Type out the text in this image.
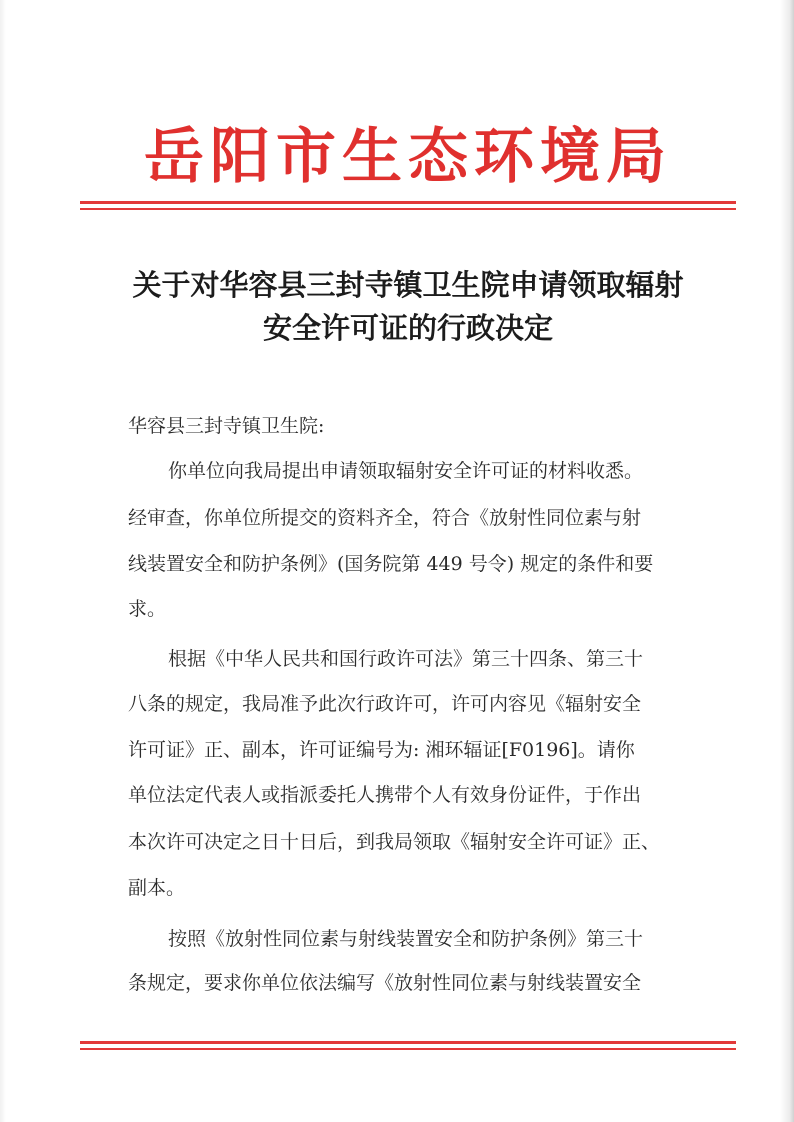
岳阳市生态环境局
关于对华容县三封寺镇卫生院申请领取辐射
安全许可证的行政决定
华容县三封寺镇卫生院:
你单位向我局提出申请领取辐射安全许可证的材料收悉。
经审查，你单位所提交的资料齐全，符合《放射性同位素与射
线装置安全和防护条例》(国务院第 449 号令) 规定的条件和要
求。
根据《中华人民共和国行政许可法》第三十四条、第三十
八条的规定，我局准予此次行政许可，许可内容见《辐射安全
许可证》正、副本，许可证编号为: 湘环辐证[F0196]。请你
单位法定代表人或指派委托人携带个人有效身份证件，于作出
本次许可决定之日十日后，到我局领取《辐射安全许可证》正、
副本。
按照《放射性同位素与射线装置安全和防护条例》第三十
条规定，要求你单位依法编写《放射性同位素与射线装置安全
